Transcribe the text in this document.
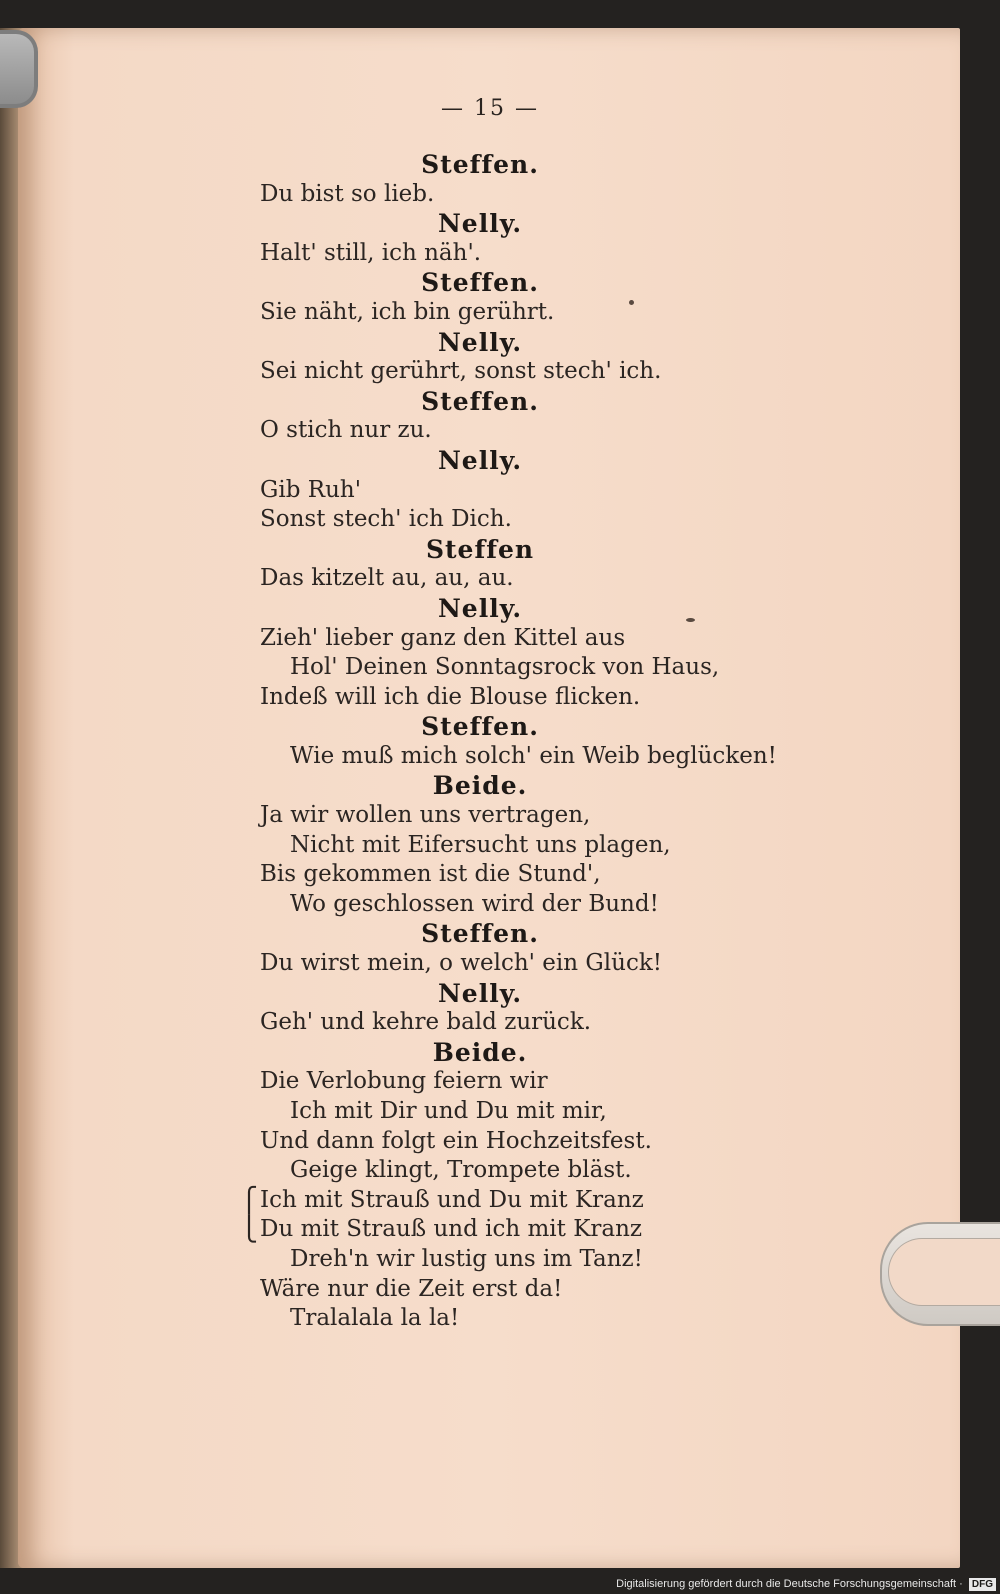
— 15 —
Steffen.
Du bist so lieb.
Nelly.
Halt' still, ich näh'.
Steffen.
Sie näht, ich bin gerührt.
Nelly.
Sei nicht gerührt, sonst stech' ich.
Steffen.
O stich nur zu.
Nelly.
Gib Ruh'
Sonst stech' ich Dich.
Steffen
Das kitzelt au, au, au.
Nelly.
Zieh' lieber ganz den Kittel aus
Hol' Deinen Sonntagsrock von Haus,
Indeß will ich die Blouse flicken.
Steffen.
Wie muß mich solch' ein Weib beglücken!
Beide.
Ja wir wollen uns vertragen,
Nicht mit Eifersucht uns plagen,
Bis gekommen ist die Stund',
Wo geschlossen wird der Bund!
Steffen.
Du wirst mein, o welch' ein Glück!
Nelly.
Geh' und kehre bald zurück.
Beide.
Die Verlobung feiern wir
Ich mit Dir und Du mit mir,
Und dann folgt ein Hochzeitsfest.
Geige klingt, Trompete bläst.
⎧ Ich mit Strauß und Du mit Kranz
⎩ Du mit Strauß und ich mit Kranz
Dreh'n wir lustig uns im Tanz!
Wäre nur die Zeit erst da!
Tralalala la la!
Digitalisierung gefördert durch die Deutsche Forschungsgemeinschaft · DFG
